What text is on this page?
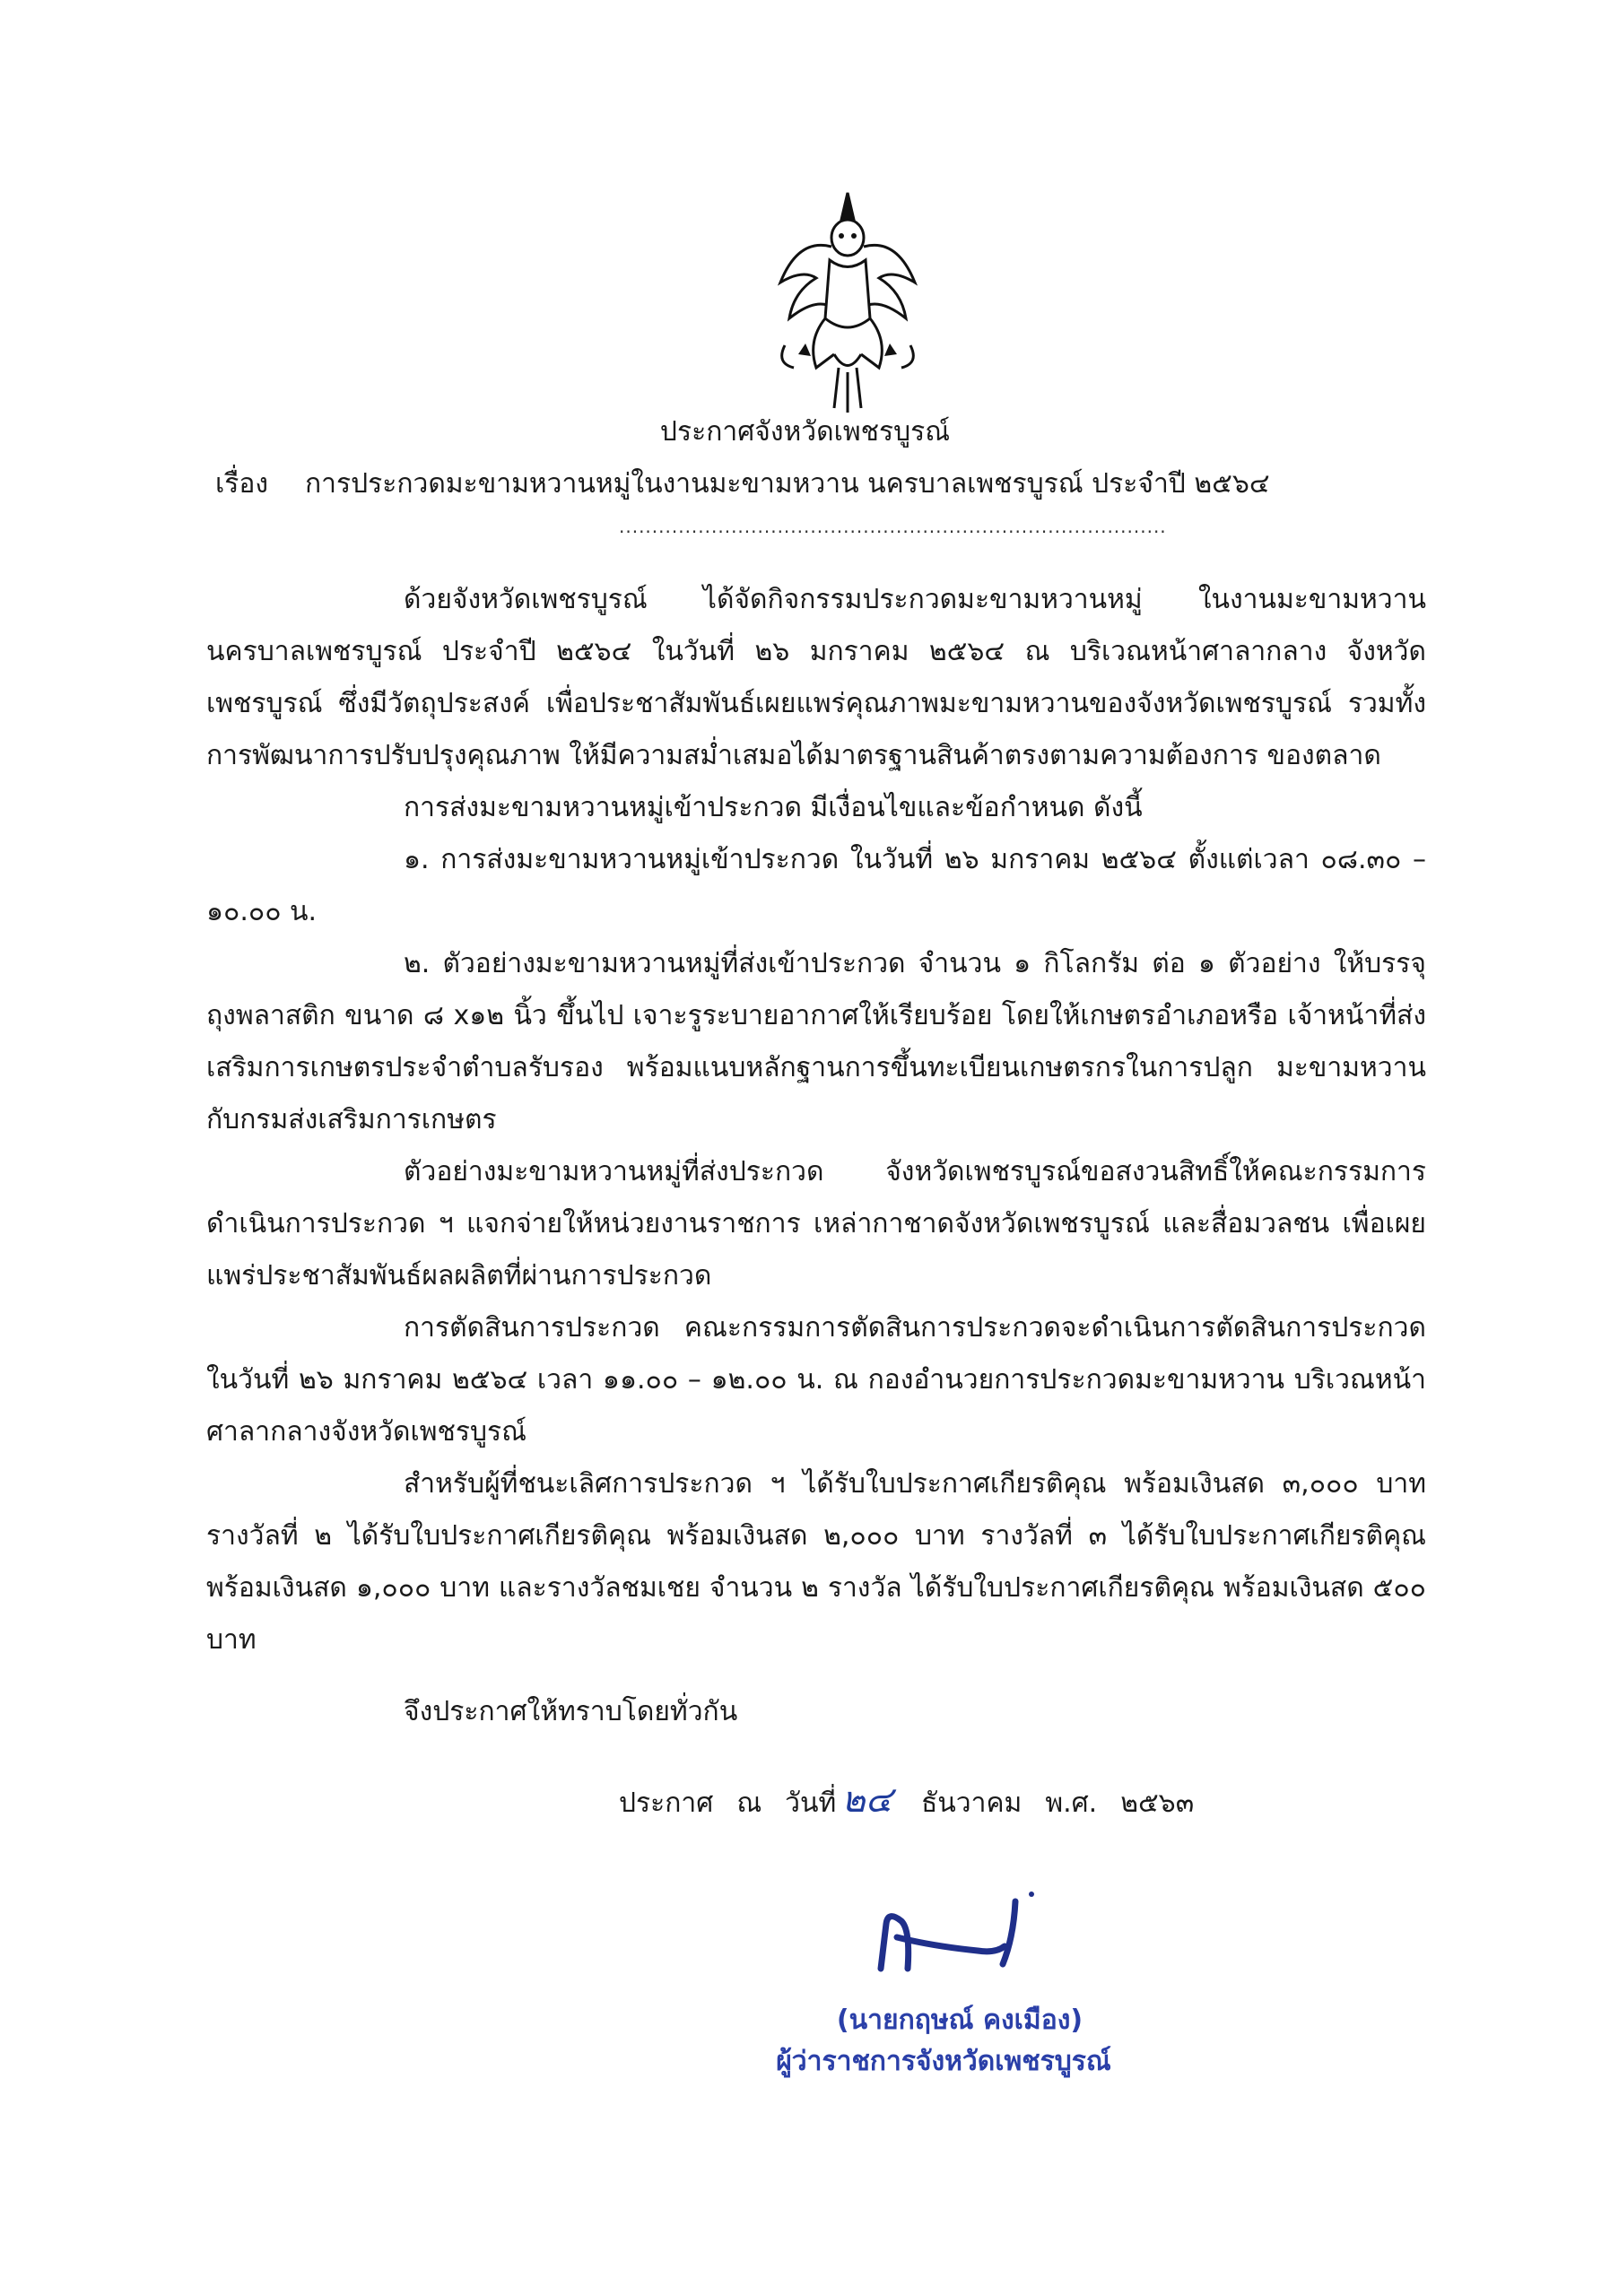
ประกาศจังหวัดเพชรบูรณ์
เรื่อง การประกวดมะขามหวานหมู่ในงานมะขามหวาน นครบาลเพชรบูรณ์ ประจำปี ๒๕๖๔
...................................................................................

ด้วยจังหวัดเพชรบูรณ์ ได้จัดกิจกรรมประกวดมะขามหวานหมู่ ในงานมะขามหวาน นครบาลเพชรบูรณ์ ประจำปี ๒๕๖๔ ในวันที่ ๒๖ มกราคม ๒๕๖๔ ณ บริเวณหน้าศาลากลาง จังหวัดเพชรบูรณ์ ซึ่งมีวัตถุประสงค์ เพื่อประชาสัมพันธ์เผยแพร่คุณภาพมะขามหวานของจังหวัดเพชรบูรณ์ รวมทั้งการพัฒนาการปรับปรุงคุณภาพ ให้มีความสม่ำเสมอได้มาตรฐานสินค้าตรงตามความต้องการ ของตลาด

การส่งมะขามหวานหมู่เข้าประกวด มีเงื่อนไขและข้อกำหนด ดังนี้

๑. การส่งมะขามหวานหมู่เข้าประกวด ในวันที่ ๒๖ มกราคม ๒๕๖๔ ตั้งแต่เวลา ๐๘.๓๐ – ๑๐.๐๐ น.

๒. ตัวอย่างมะขามหวานหมู่ที่ส่งเข้าประกวด จำนวน ๑ กิโลกรัม ต่อ ๑ ตัวอย่าง ให้บรรจุ ถุงพลาสติก ขนาด ๘ x๑๒ นิ้ว ขึ้นไป เจาะรูระบายอากาศให้เรียบร้อย โดยให้เกษตรอำเภอหรือ เจ้าหน้าที่ส่งเสริมการเกษตรประจำตำบลรับรอง พร้อมแนบหลักฐานการขึ้นทะเบียนเกษตรกรในการปลูก มะขามหวานกับกรมส่งเสริมการเกษตร

ตัวอย่างมะขามหวานหมู่ที่ส่งประกวด จังหวัดเพชรบูรณ์ขอสงวนสิทธิ์ให้คณะกรรมการ ดำเนินการประกวด ฯ แจกจ่ายให้หน่วยงานราชการ เหล่ากาชาดจังหวัดเพชรบูรณ์ และสื่อมวลชน เพื่อเผยแพร่ประชาสัมพันธ์ผลผลิตที่ผ่านการประกวด

การตัดสินการประกวด คณะกรรมการตัดสินการประกวดจะดำเนินการตัดสินการประกวด ในวันที่ ๒๖ มกราคม ๒๕๖๔ เวลา ๑๑.๐๐ – ๑๒.๐๐ น. ณ กองอำนวยการประกวดมะขามหวาน บริเวณหน้าศาลากลางจังหวัดเพชรบูรณ์

สำหรับผู้ที่ชนะเลิศการประกวด ฯ ได้รับใบประกาศเกียรติคุณ พร้อมเงินสด ๓,๐๐๐ บาท รางวัลที่ ๒ ได้รับใบประกาศเกียรติคุณ พร้อมเงินสด ๒,๐๐๐ บาท รางวัลที่ ๓ ได้รับใบประกาศเกียรติคุณ พร้อมเงินสด ๑,๐๐๐ บาท และรางวัลชมเชย จำนวน ๒ รางวัล ได้รับใบประกาศเกียรติคุณ พร้อมเงินสด ๕๐๐ บาท

จึงประกาศให้ทราบโดยทั่วกัน
ประกาศ ณ วันที่ ๒๔ ธันวาคม พ.ศ. ๒๕๖๓
(นายกฤษณ์ คงเมือง)
ผู้ว่าราชการจังหวัดเพชรบูรณ์
